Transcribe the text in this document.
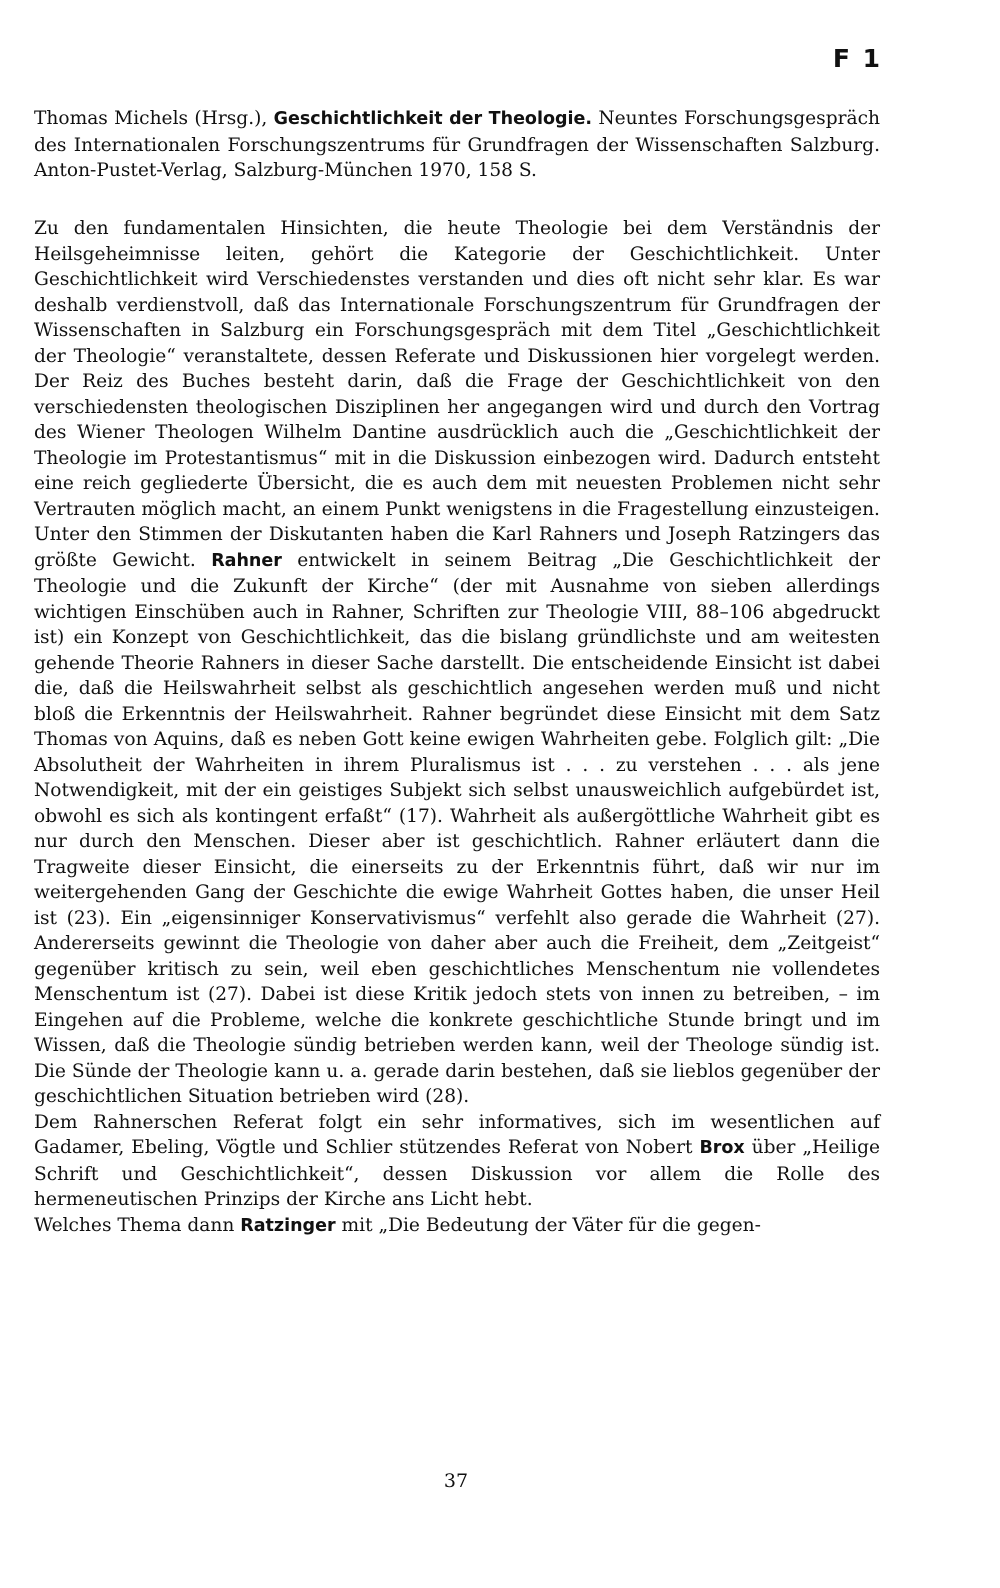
F 1

Thomas Michels (Hrsg.), Geschichtlichkeit der Theologie. Neuntes Forschungsgespräch des Internationalen Forschungszentrums für Grundfragen der Wissenschaften Salzburg. Anton-Pustet-Verlag, Salzburg-München 1970, 158 S.

Zu den fundamentalen Hinsichten, die heute Theologie bei dem Verständnis der Heilsgeheimnisse leiten, gehört die Kategorie der Geschichtlichkeit. Unter Geschichtlichkeit wird Verschiedenstes verstanden und dies oft nicht sehr klar. Es war deshalb verdienstvoll, daß das Internationale Forschungszentrum für Grundfragen der Wissenschaften in Salzburg ein Forschungsgespräch mit dem Titel „Geschichtlichkeit der Theologie“ veranstaltete, dessen Referate und Diskussionen hier vorgelegt werden. Der Reiz des Buches besteht darin, daß die Frage der Geschichtlichkeit von den verschiedensten theologischen Disziplinen her angegangen wird und durch den Vortrag des Wiener Theologen Wilhelm Dantine ausdrücklich auch die „Geschichtlichkeit der Theologie im Protestantismus“ mit in die Diskussion einbezogen wird. Dadurch entsteht eine reich gegliederte Übersicht, die es auch dem mit neuesten Problemen nicht sehr Vertrauten möglich macht, an einem Punkt wenigstens in die Fragestellung einzusteigen.

Unter den Stimmen der Diskutanten haben die Karl Rahners und Joseph Ratzingers das größte Gewicht. Rahner entwickelt in seinem Beitrag „Die Geschichtlichkeit der Theologie und die Zukunft der Kirche“ (der mit Ausnahme von sieben allerdings wichtigen Einschüben auch in Rahner, Schriften zur Theologie VIII, 88–106 abgedruckt ist) ein Konzept von Geschichtlichkeit, das die bislang gründlichste und am weitesten gehende Theorie Rahners in dieser Sache darstellt. Die entscheidende Einsicht ist dabei die, daß die Heilswahrheit selbst als geschichtlich angesehen werden muß und nicht bloß die Erkenntnis der Heilswahrheit. Rahner begründet diese Einsicht mit dem Satz Thomas von Aquins, daß es neben Gott keine ewigen Wahrheiten gebe. Folglich gilt: „Die Absolutheit der Wahrheiten in ihrem Pluralismus ist . . . zu verstehen . . . als jene Notwendigkeit, mit der ein geistiges Subjekt sich selbst unausweichlich aufgebürdet ist, obwohl es sich als kontingent erfaßt“ (17). Wahrheit als außergöttliche Wahrheit gibt es nur durch den Menschen. Dieser aber ist geschichtlich. Rahner erläutert dann die Tragweite dieser Einsicht, die einerseits zu der Erkenntnis führt, daß wir nur im weitergehenden Gang der Geschichte die ewige Wahrheit Gottes haben, die unser Heil ist (23). Ein „eigensinniger Konservativismus“ verfehlt also gerade die Wahrheit (27). Andererseits gewinnt die Theologie von daher aber auch die Freiheit, dem „Zeitgeist“ gegenüber kritisch zu sein, weil eben geschichtliches Menschentum nie vollendetes Menschentum ist (27). Dabei ist diese Kritik jedoch stets von innen zu betreiben, – im Eingehen auf die Probleme, welche die konkrete geschichtliche Stunde bringt und im Wissen, daß die Theologie sündig betrieben werden kann, weil der Theologe sündig ist. Die Sünde der Theologie kann u. a. gerade darin bestehen, daß sie lieblos gegenüber der geschichtlichen Situation betrieben wird (28).

Dem Rahnerschen Referat folgt ein sehr informatives, sich im wesentlichen auf Gadamer, Ebeling, Vögtle und Schlier stützendes Referat von Nobert Brox über „Heilige Schrift und Geschichtlichkeit“, dessen Diskussion vor allem die Rolle des hermeneutischen Prinzips der Kirche ans Licht hebt.

Welches Thema dann Ratzinger mit „Die Bedeutung der Väter für die gegen-

37
